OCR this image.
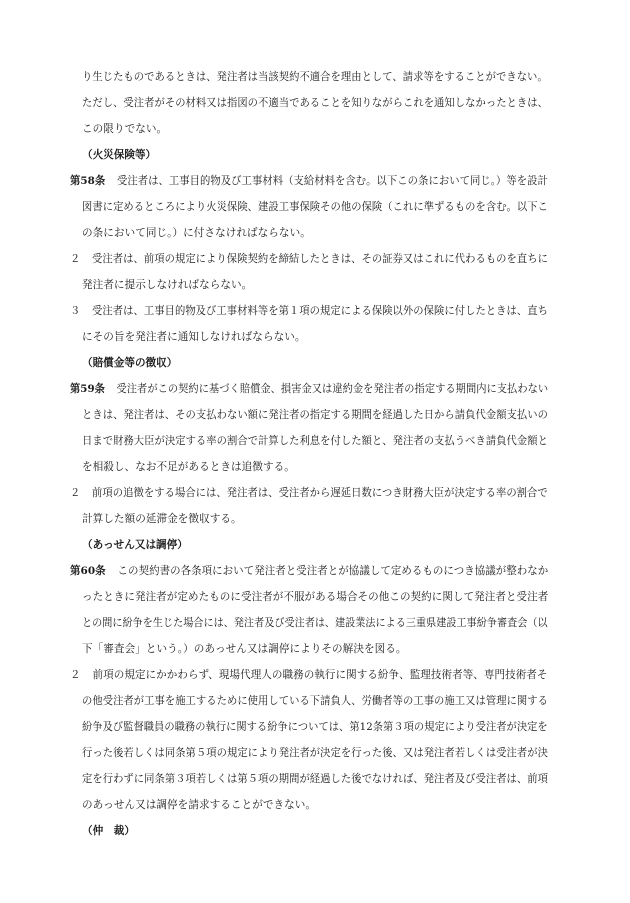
り生じたものであるときは、発注者は当該契約不適合を理由として、請求等をすることができない。
ただし、受注者がその材料又は指図の不適当であることを知りながらこれを通知しなかったときは、
この限りでない。
（火災保険等）
第58条 受注者は、工事目的物及び工事材料（支給材料を含む。以下この条において同じ。）等を設計
図書に定めるところにより火災保険、建設工事保険その他の保険（これに準ずるものを含む。以下こ
の条において同じ。）に付さなければならない。
２ 受注者は、前項の規定により保険契約を締結したときは、その証券又はこれに代わるものを直ちに
発注者に提示しなければならない。
３ 受注者は、工事目的物及び工事材料等を第１項の規定による保険以外の保険に付したときは、直ち
にその旨を発注者に通知しなければならない。
（賠償金等の徴収）
第59条 受注者がこの契約に基づく賠償金、損害金又は違約金を発注者の指定する期間内に支払わない
ときは、発注者は、その支払わない額に発注者の指定する期間を経過した日から請負代金額支払いの
日まで財務大臣が決定する率の割合で計算した利息を付した額と、発注者の支払うべき請負代金額と
を相殺し、なお不足があるときは追徴する。
２ 前項の追徴をする場合には、発注者は、受注者から遅延日数につき財務大臣が決定する率の割合で
計算した額の延滞金を徴収する。
（あっせん又は調停）
第60条 この契約書の各条項において発注者と受注者とが協議して定めるものにつき協議が整わなか
ったときに発注者が定めたものに受注者が不服がある場合その他この契約に関して発注者と受注者
との間に紛争を生じた場合には、発注者及び受注者は、建設業法による三重県建設工事紛争審査会（以
下「審査会」という。）のあっせん又は調停によりその解決を図る。
２ 前項の規定にかかわらず、現場代理人の職務の執行に関する紛争、監理技術者等、専門技術者そ
の他受注者が工事を施工するために使用している下請負人、労働者等の工事の施工又は管理に関する
紛争及び監督職員の職務の執行に関する紛争については、第12条第３項の規定により受注者が決定を
行った後若しくは同条第５項の規定により発注者が決定を行った後、又は発注者若しくは受注者が決
定を行わずに同条第３項若しくは第５項の期間が経過した後でなければ、発注者及び受注者は、前項
のあっせん又は調停を請求することができない。
（仲　裁）
